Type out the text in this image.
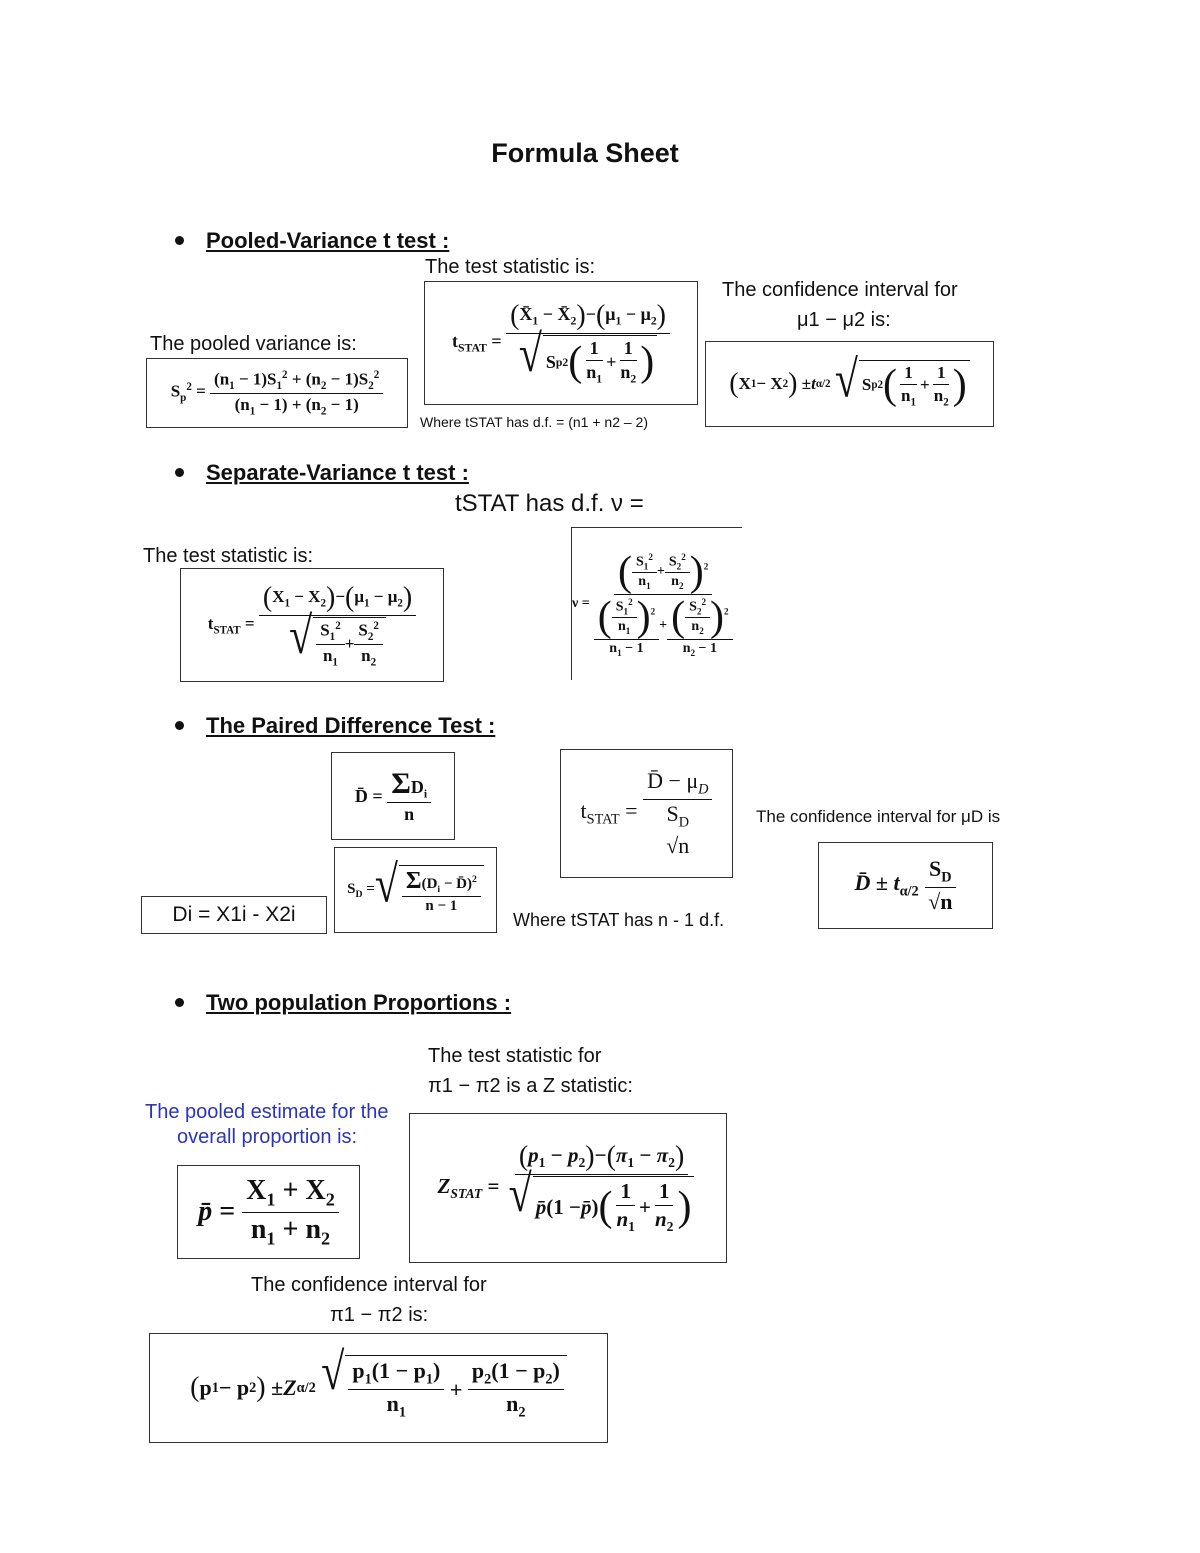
Formula Sheet
Pooled-Variance t test :
The test statistic is:
The pooled variance is:
The confidence interval for
μ1 − μ2 is:
$S_p^2 = \frac{(n_1 - 1)S_1^2 + (n_2 - 1)S_2^2}{(n_1 - 1) + (n_2 - 1)}$
$t_{STAT} = \frac{(X̄_1 - X̄_2)-(\mu_1 - \mu_2)}{√ S p 2 ( \frac{1}{n_1} + \frac{1}{n_2} )}$
Where tSTAT has d.f. = (n1 + n2 – 2)
( X 1 − X 2 ) ± t α/2
√ S p 2 ( $\frac{1}{n_1} + \frac{1}{n_2}$ )
Separate-Variance t test :
tSTAT has d.f. ν =
The test statistic is:
$t_{STAT} = \frac{(X_1 - X_2)-(\mu_1 - \mu_2)}{√ \frac{S_1^2}{n_1} + \frac{S_2^2}{n_2}}$	$\nu = \frac{( \frac{S_1^2}{n_1} + \frac{S_2^2}{n_2} )^2}{\frac{( \frac{S_1^2}{n_1} )^2}{n_1 - 1} + \frac{( \frac{S_2^2}{n_2} )^2}{n_2 - 1}}$
The Paired Difference Test :
D̄ = $\frac{\Sigma D_i}{n}$
$S_D$ = √ $\frac{\Sigma(D_i - D̄)^2}{n - 1}$
Di = X1i - X2i
$t_{STAT}$ = D̄ − $\mu_D$
$S_D$
√n
Where tSTAT has n - 1 d.f.
The confidence interval for μD is
D̄ ± $t_{\alpha/2} \frac{S_D}{√n}$
Two population Proportions :
The test statistic for
π1 − π2 is a Z statistic:
The pooled estimate for the
overall proportion is:
p̄ = $\frac{X_1 + X_2}{n_1 + n_2}$	$Z_{STAT} = \frac{(p_1 - p_2)-(\pi_1 - \pi_2)}{√ p̄ (1 - p̄ ) ( \frac{1}{n_1} + \frac{1}{n_2} )}$
The confidence interval for
π1 − π2 is:
( p 1 − p 2 ) ± Z α/2
√ $\frac{p_1(1 - p_1)}{n_1} + \frac{p_2(1 - p_2)}{n_2}$
